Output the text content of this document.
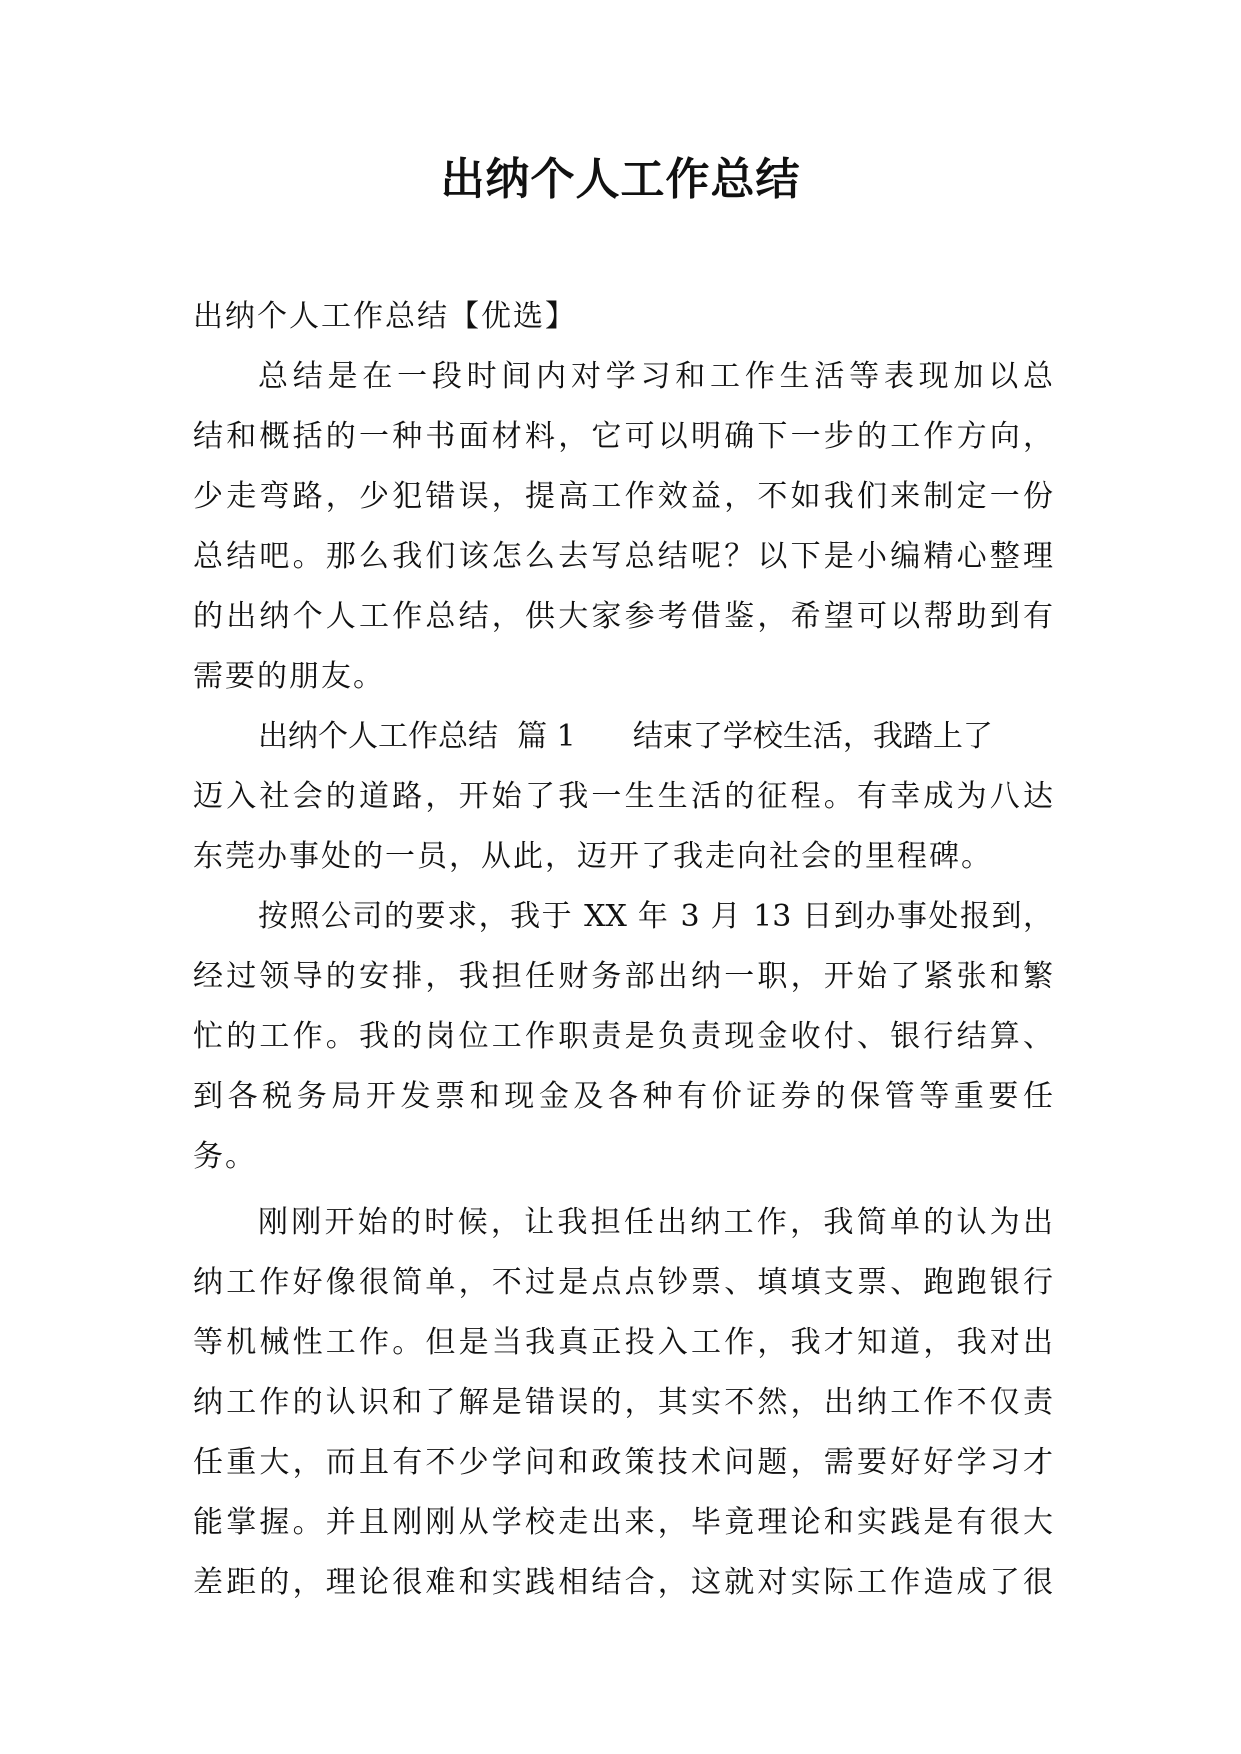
出纳个人工作总结

出纳个人工作总结【优选】

总结是在一段时间内对学习和工作生活等表现加以总
结和概括的一种书面材料，它可以明确下一步的工作方向，
少走弯路，少犯错误，提高工作效益，不如我们来制定一份
总结吧。那么我们该怎么去写总结呢？以下是小编精心整理
的出纳个人工作总结，供大家参考借鉴，希望可以帮助到有
需要的朋友。
出纳个人工作总结  篇 1      结束了学校生活，我踏上了
迈入社会的道路，开始了我一生生活的征程。有幸成为八达
东莞办事处的一员，从此，迈开了我走向社会的里程碑。
按照公司的要求，我于 XX 年 3 月 13 日到办事处报到，
经过领导的安排，我担任财务部出纳一职，开始了紧张和繁
忙的工作。我的岗位工作职责是负责现金收付、银行结算、
到各税务局开发票和现金及各种有价证券的保管等重要任
务。
刚刚开始的时候，让我担任出纳工作，我简单的认为出
纳工作好像很简单，不过是点点钞票、填填支票、跑跑银行
等机械性工作。但是当我真正投入工作，我才知道，我对出
纳工作的认识和了解是错误的，其实不然，出纳工作不仅责
任重大，而且有不少学问和政策技术问题，需要好好学习才
能掌握。并且刚刚从学校走出来，毕竟理论和实践是有很大
差距的，理论很难和实践相结合，这就对实际工作造成了很
